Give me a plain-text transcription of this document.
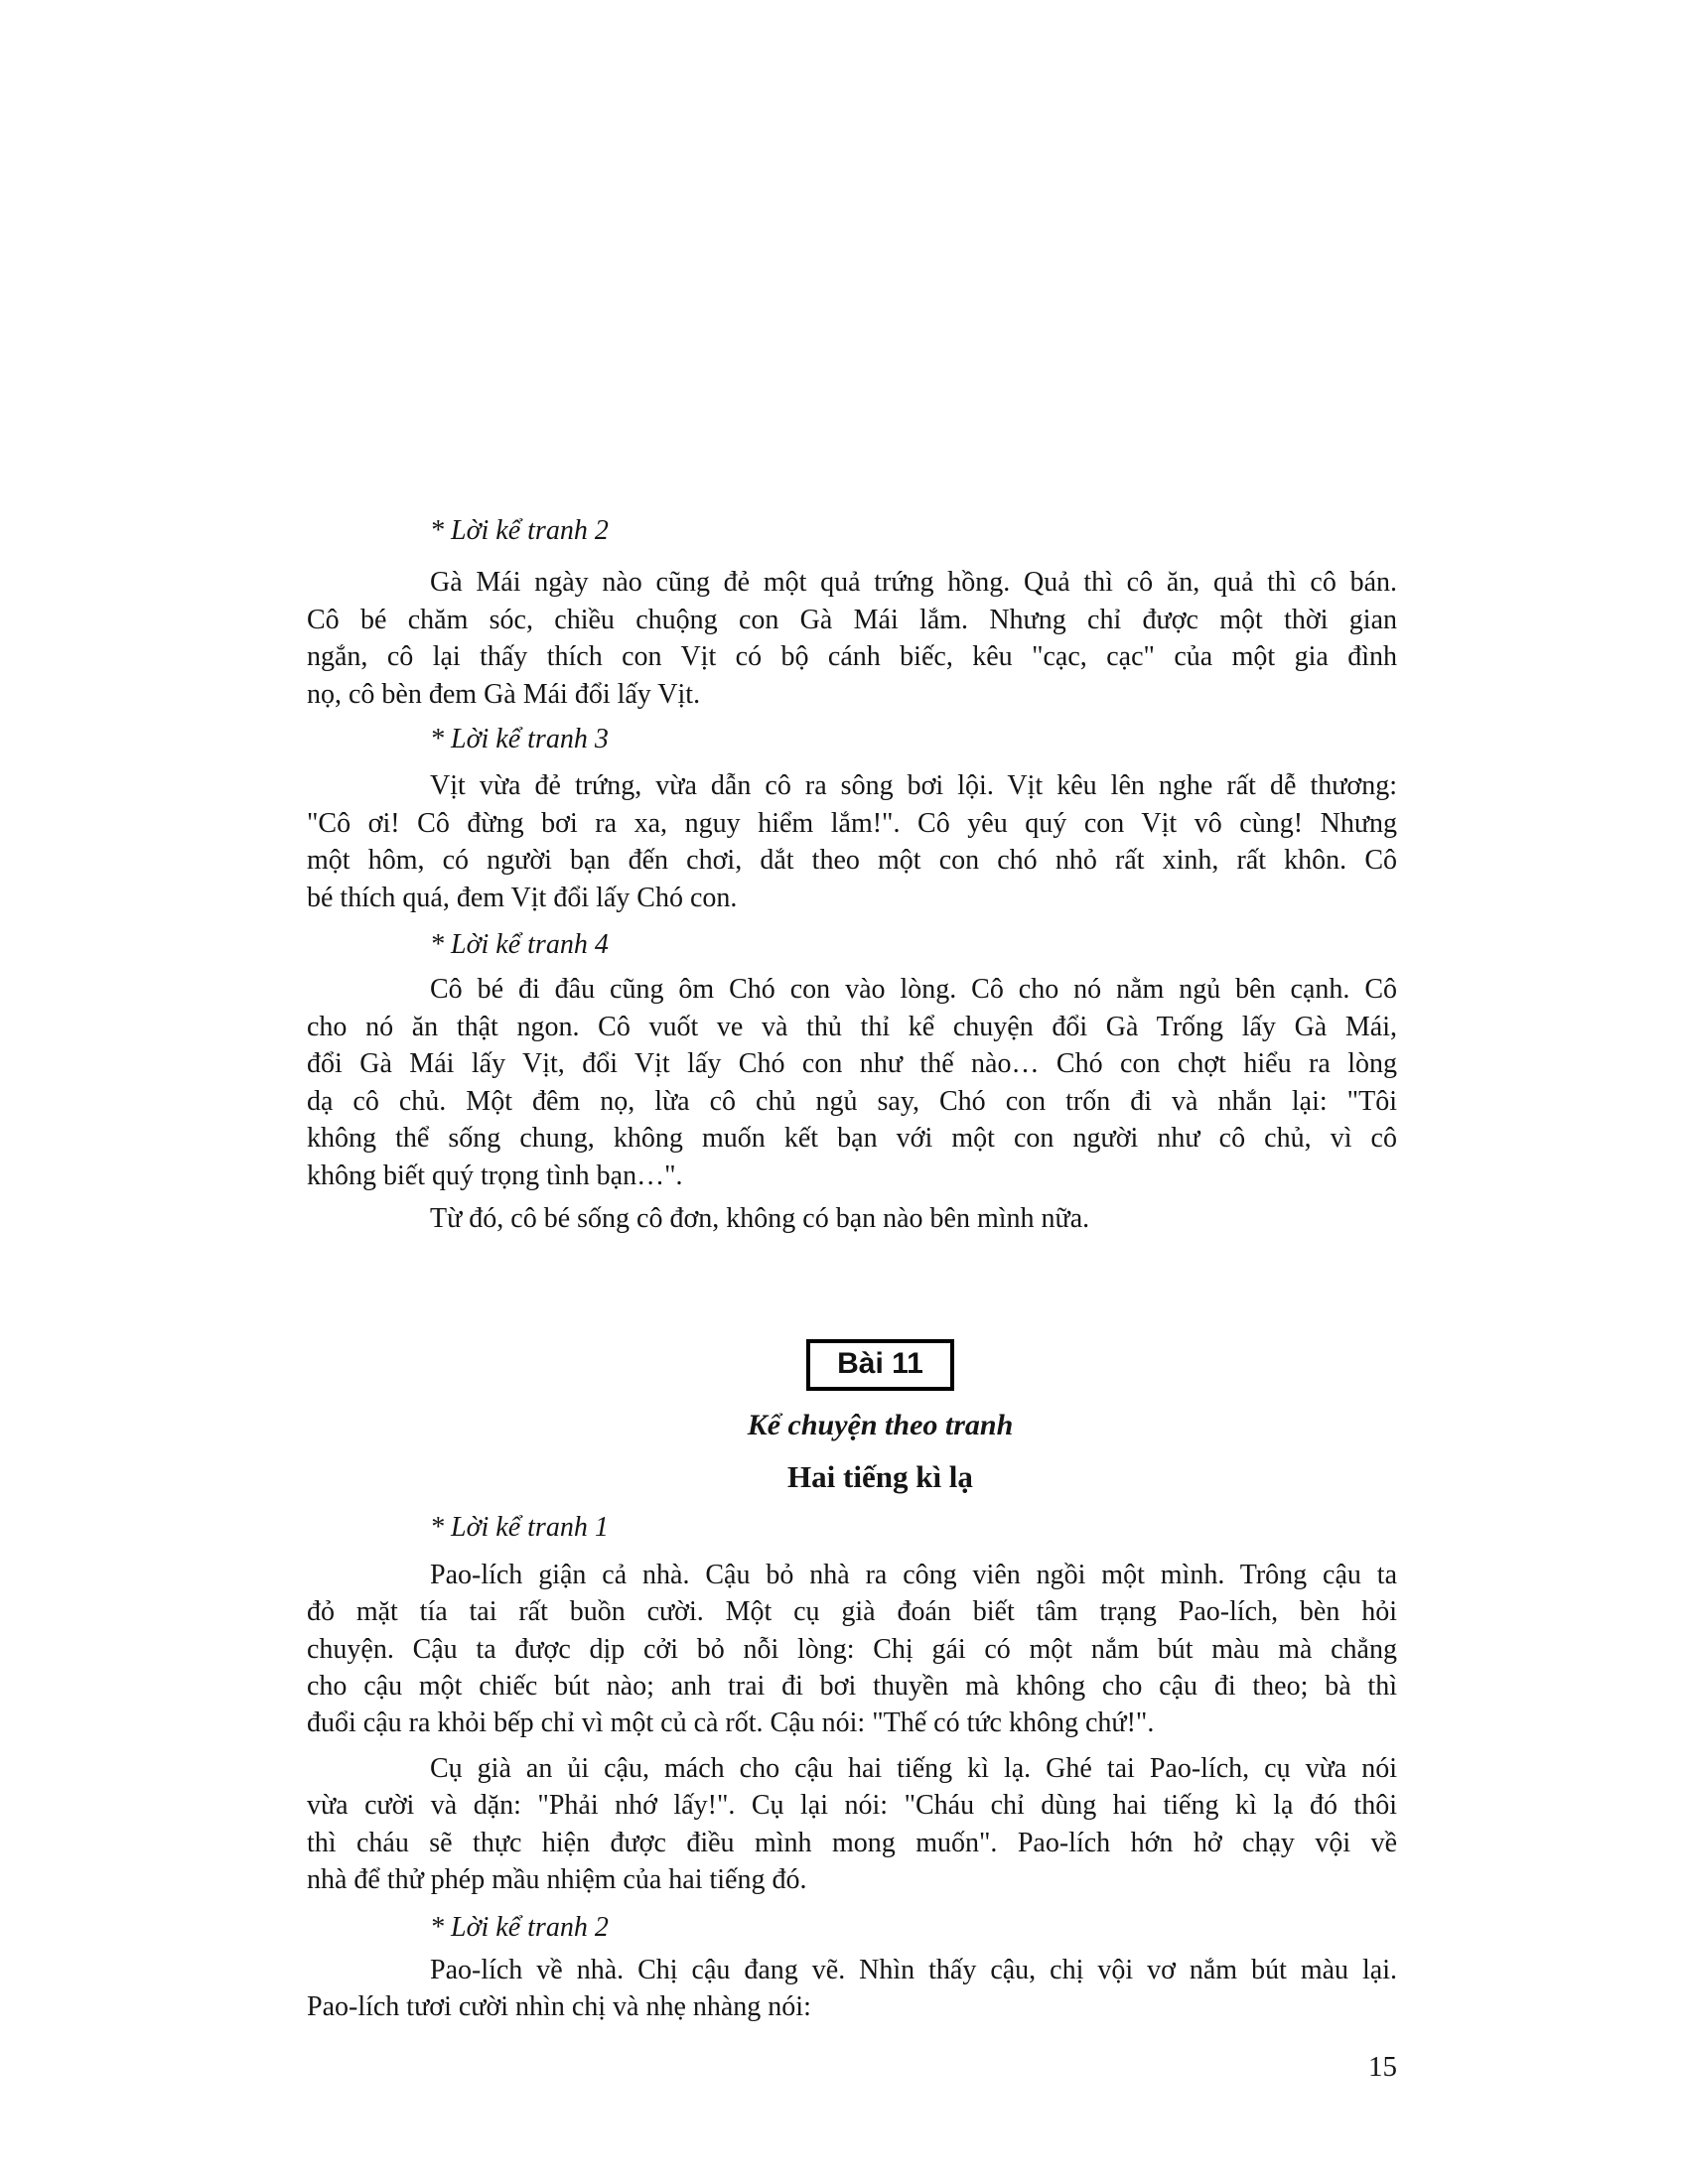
* Lời kể tranh 2
Gà Mái ngày nào cũng đẻ một quả trứng hồng. Quả thì cô ăn, quả thì cô bán.
Cô bé chăm sóc, chiều chuộng con Gà Mái lắm. Nhưng chỉ được một thời gian
ngắn, cô lại thấy thích con Vịt có bộ cánh biếc, kêu "cạc, cạc" của một gia đình
nọ, cô bèn đem Gà Mái đổi lấy Vịt.
* Lời kể tranh 3
Vịt vừa đẻ trứng, vừa dẫn cô ra sông bơi lội. Vịt kêu lên nghe rất dễ thương:
"Cô ơi! Cô đừng bơi ra xa, nguy hiểm lắm!". Cô yêu quý con Vịt vô cùng! Nhưng
một hôm, có người bạn đến chơi, dắt theo một con chó nhỏ rất xinh, rất khôn. Cô
bé thích quá, đem Vịt đổi lấy Chó con.
* Lời kể tranh 4
Cô bé đi đâu cũng ôm Chó con vào lòng. Cô cho nó nằm ngủ bên cạnh. Cô
cho nó ăn thật ngon. Cô vuốt ve và thủ thỉ kể chuyện đổi Gà Trống lấy Gà Mái,
đổi Gà Mái lấy Vịt, đổi Vịt lấy Chó con như thế nào… Chó con chợt hiểu ra lòng
dạ cô chủ. Một đêm nọ, lừa cô chủ ngủ say, Chó con trốn đi và nhắn lại: "Tôi
không thể sống chung, không muốn kết bạn với một con người như cô chủ, vì cô
không biết quý trọng tình bạn…".
Từ đó, cô bé sống cô đơn, không có bạn nào bên mình nữa.
Bài 11
Kể chuyện theo tranh
Hai tiếng kì lạ
* Lời kể tranh 1
Pao-lích giận cả nhà. Cậu bỏ nhà ra công viên ngồi một mình. Trông cậu ta
đỏ mặt tía tai rất buồn cười. Một cụ già đoán biết tâm trạng Pao-lích, bèn hỏi
chuyện. Cậu ta được dịp cởi bỏ nỗi lòng: Chị gái có một nắm bút màu mà chẳng
cho cậu một chiếc bút nào; anh trai đi bơi thuyền mà không cho cậu đi theo; bà thì
đuổi cậu ra khỏi bếp chỉ vì một củ cà rốt. Cậu nói: "Thế có tức không chứ!".
Cụ già an ủi cậu, mách cho cậu hai tiếng kì lạ. Ghé tai Pao-lích, cụ vừa nói
vừa cười và dặn: "Phải nhớ lấy!". Cụ lại nói: "Cháu chỉ dùng hai tiếng kì lạ đó thôi
thì cháu sẽ thực hiện được điều mình mong muốn". Pao-lích hớn hở chạy vội về
nhà để thử phép mầu nhiệm của hai tiếng đó.
* Lời kể tranh 2
Pao-lích về nhà. Chị cậu đang vẽ. Nhìn thấy cậu, chị vội vơ nắm bút màu lại.
Pao-lích tươi cười nhìn chị và nhẹ nhàng nói:
15
